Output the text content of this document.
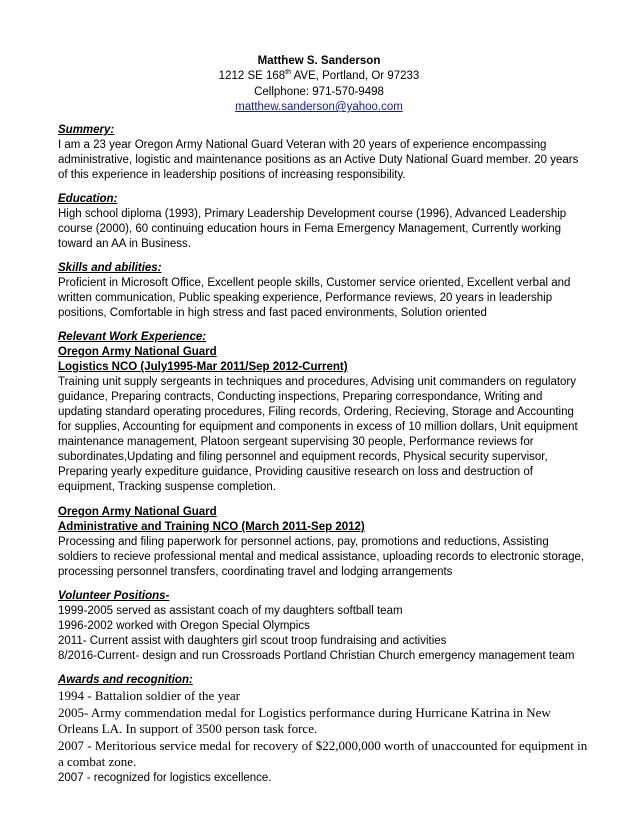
Matthew S. Sanderson
1212 SE 168th AVE, Portland, Or 97233
Cellphone: 971-570-9498
matthew.sanderson@yahoo.com

Summery:

I am a 23 year Oregon Army National Guard Veteran with 20 years of experience encompassing administrative, logistic and maintenance positions as an Active Duty National Guard member. 20 years of this experience in leadership positions of increasing responsibility.

Education:

High school diploma (1993), Primary Leadership Development course (1996), Advanced Leadership course (2000), 60 continuing education hours in Fema Emergency Management, Currently working toward an AA in Business.

Skills and abilities:

Proficient in Microsoft Office, Excellent people skills, Customer service oriented, Excellent verbal and written communication, Public speaking experience, Performance reviews, 20 years in leadership positions, Comfortable in high stress and fast paced environments, Solution oriented

Relevant Work Experience:

Oregon Army National Guard

Logistics NCO (July1995-Mar 2011/Sep 2012-Current)

Training unit supply sergeants in techniques and procedures, Advising unit commanders on regulatory guidance, Preparing contracts, Conducting inspections, Preparing correspondance, Writing and updating standard operating procedures, Filing records, Ordering, Recieving, Storage and Accounting for supplies, Accounting for equipment and components in excess of 10 million dollars, Unit equipment maintenance management, Platoon sergeant supervising 30 people, Performance reviews for subordinates,Updating and filing personnel and equipment records, Physical security supervisor, Preparing yearly expediture guidance, Providing causitive research on loss and destruction of equipment, Tracking suspense completion.

Oregon Army National Guard

Administrative and Training NCO (March 2011-Sep 2012)

Processing and filing paperwork for personnel actions, pay, promotions and reductions, Assisting soldiers to recieve professional mental and medical assistance, uploading records to electronic storage, processing personnel transfers, coordinating travel and lodging arrangements

Volunteer Positions-

1999-2005 served as assistant coach of my daughters softball team

1996-2002 worked with Oregon Special Olympics

2011- Current assist with daughters girl scout troop fundraising and activities

8/2016-Current- design and run Crossroads Portland Christian Church emergency management team

Awards and recognition:

1994 - Battalion soldier of the year

2005- Army commendation medal for Logistics performance during Hurricane Katrina in New Orleans LA. In support of 3500 person task force.

2007 - Meritorious service medal for recovery of $22,000,000 worth of unaccounted for equipment in a combat zone.

2007 - recognized for logistics excellence.
